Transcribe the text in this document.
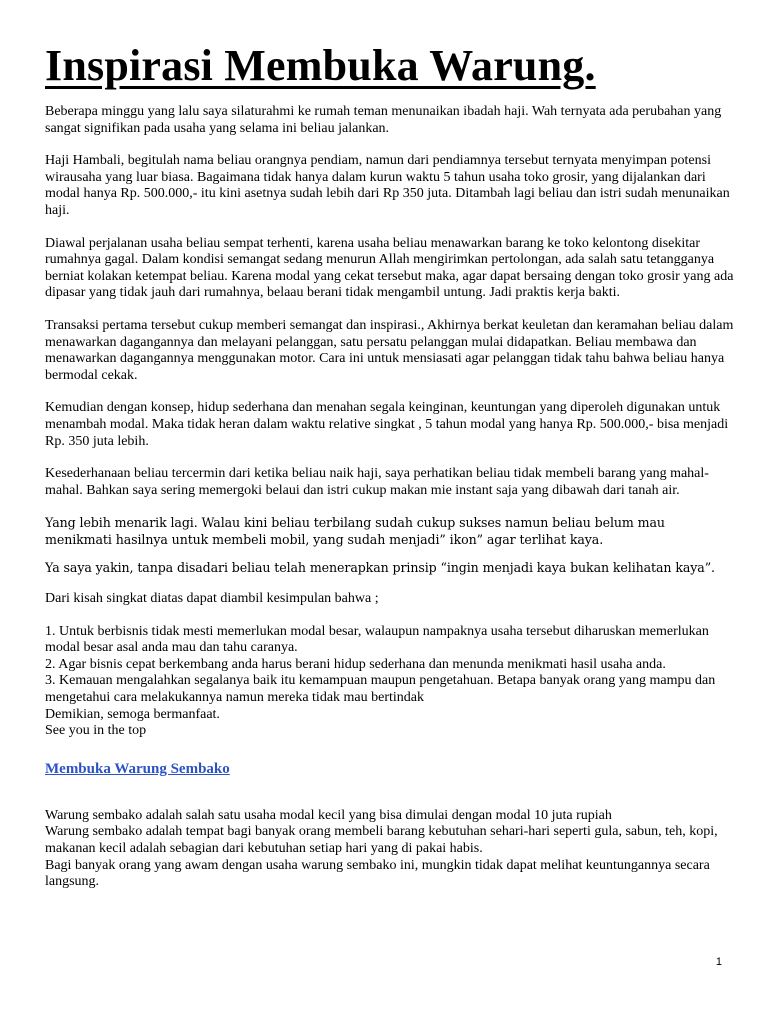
Inspirasi Membuka Warung.

Beberapa minggu yang lalu saya silaturahmi ke rumah teman menunaikan ibadah haji. Wah ternyata ada perubahan yang sangat signifikan pada usaha yang selama ini beliau jalankan.

Haji Hambali, begitulah nama beliau orangnya pendiam, namun dari pendiamnya tersebut ternyata menyimpan potensi wirausaha yang luar biasa. Bagaimana tidak hanya dalam kurun waktu 5 tahun usaha toko grosir, yang dijalankan dari modal hanya Rp. 500.000,- itu kini asetnya sudah lebih dari Rp 350 juta. Ditambah lagi beliau dan istri sudah menunaikan haji.

Diawal perjalanan usaha beliau sempat terhenti, karena usaha beliau menawarkan barang ke toko kelontong disekitar rumahnya gagal. Dalam kondisi semangat sedang menurun Allah mengirimkan pertolongan, ada salah satu tetangganya berniat kolakan ketempat beliau. Karena modal yang cekat tersebut maka, agar dapat bersaing dengan toko grosir yang ada dipasar yang tidak jauh dari rumahnya, belaau berani tidak mengambil untung. Jadi praktis kerja bakti.

Transaksi pertama tersebut cukup memberi semangat dan inspirasi., Akhirnya berkat keuletan dan keramahan beliau dalam menawarkan dagangannya dan melayani pelanggan, satu persatu pelanggan mulai didapatkan. Beliau membawa dan menawarkan dagangannya menggunakan motor. Cara ini untuk mensiasati agar pelanggan tidak tahu bahwa beliau hanya bermodal cekak.

Kemudian dengan konsep, hidup sederhana dan menahan segala keinginan, keuntungan yang diperoleh digunakan untuk menambah modal. Maka tidak heran dalam waktu relative singkat , 5 tahun modal yang hanya Rp. 500.000,- bisa menjadi Rp. 350 juta lebih.

Kesederhanaan beliau tercermin dari ketika beliau naik haji, saya perhatikan beliau tidak membeli barang yang mahal-mahal. Bahkan saya sering memergoki belaui dan istri cukup makan mie instant saja yang dibawah dari tanah air.

Yang lebih menarik lagi. Walau kini beliau terbilang sudah cukup sukses namun beliau belum mau menikmati hasilnya untuk membeli mobil, yang sudah menjadi” ikon” agar terlihat kaya.

Ya saya yakin, tanpa disadari beliau telah menerapkan prinsip “ingin menjadi kaya bukan kelihatan kaya”.

Dari kisah singkat diatas dapat diambil kesimpulan bahwa ;

1. Untuk berbisnis tidak mesti memerlukan modal besar, walaupun nampaknya usaha tersebut diharuskan memerlukan modal besar asal anda mau dan tahu caranya.

2. Agar bisnis cepat berkembang anda harus berani hidup sederhana dan menunda menikmati hasil usaha anda.

3. Kemauan mengalahkan segalanya baik itu kemampuan maupun pengetahuan. Betapa banyak orang yang mampu dan mengetahui cara melakukannya namun mereka tidak mau bertindak

Demikian, semoga bermanfaat.

See you in the top

Membuka Warung Sembako

Warung sembako adalah salah satu usaha modal kecil yang bisa dimulai dengan modal 10 juta rupiah

Warung sembako adalah tempat bagi banyak orang membeli barang kebutuhan sehari-hari seperti gula, sabun, teh, kopi, makanan kecil adalah sebagian dari kebutuhan setiap hari yang di pakai habis.

Bagi banyak orang yang awam dengan usaha warung sembako ini, mungkin tidak dapat melihat keuntungannya secara langsung.

1
